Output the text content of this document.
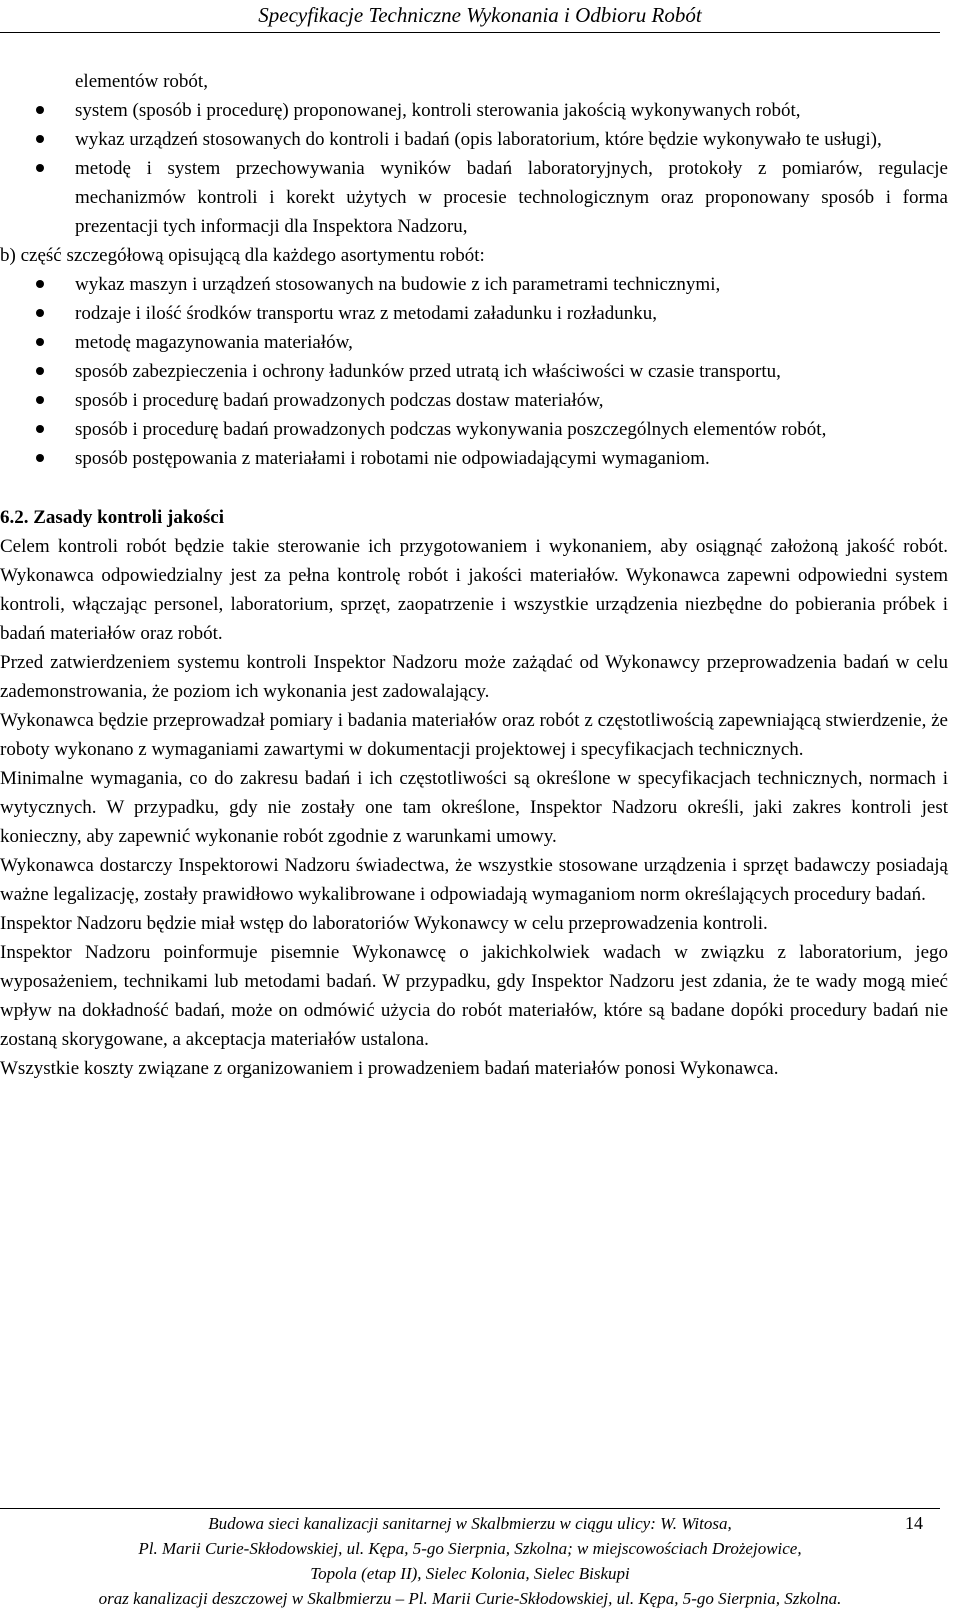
Specyfikacje Techniczne Wykonania i Odbioru Robót
elementów robót,
system (sposób i procedurę) proponowanej, kontroli sterowania jakością wykonywanych robót,
wykaz urządzeń stosowanych do kontroli i badań (opis laboratorium, które będzie wykonywało te usługi),
metodę i system przechowywania wyników badań laboratoryjnych, protokoły z pomiarów, regulacje mechanizmów kontroli i korekt użytych w procesie technologicznym oraz proponowany sposób i forma prezentacji tych informacji dla Inspektora Nadzoru,
b) część szczegółową opisującą dla każdego asortymentu robót:
wykaz maszyn i urządzeń stosowanych na budowie z ich parametrami technicznymi,
rodzaje i ilość środków transportu wraz z metodami załadunku i rozładunku,
metodę magazynowania materiałów,
sposób zabezpieczenia i ochrony ładunków przed utratą ich właściwości w czasie transportu,
sposób i procedurę badań prowadzonych podczas dostaw materiałów,
sposób i procedurę badań prowadzonych podczas wykonywania poszczególnych elementów robót,
sposób postępowania z materiałami i robotami nie odpowiadającymi wymaganiom.
6.2. Zasady kontroli jakości
Celem kontroli robót będzie takie sterowanie ich przygotowaniem i wykonaniem, aby osiągnąć założoną jakość robót. Wykonawca odpowiedzialny jest za pełna kontrolę robót i jakości materiałów. Wykonawca zapewni odpowiedni system kontroli, włączając personel, laboratorium, sprzęt, zaopatrzenie i wszystkie urządzenia niezbędne do pobierania próbek i badań materiałów oraz robót.
Przed zatwierdzeniem systemu kontroli Inspektor Nadzoru może zażądać od Wykonawcy przeprowadzenia badań w celu zademonstrowania, że poziom ich wykonania jest zadowalający.
Wykonawca będzie przeprowadzał pomiary i badania materiałów oraz robót z częstotliwością zapewniającą stwierdzenie, że roboty wykonano z wymaganiami zawartymi w dokumentacji projektowej i specyfikacjach technicznych.
Minimalne wymagania, co do zakresu badań i ich częstotliwości są określone w specyfikacjach technicznych, normach i wytycznych. W przypadku, gdy nie zostały one tam określone, Inspektor Nadzoru określi, jaki zakres kontroli jest konieczny, aby zapewnić wykonanie robót zgodnie z warunkami umowy.
Wykonawca dostarczy Inspektorowi Nadzoru świadectwa, że wszystkie stosowane urządzenia i sprzęt badawczy posiadają ważne legalizację, zostały prawidłowo wykalibrowane i odpowiadają wymaganiom norm określających procedury badań.
Inspektor Nadzoru będzie miał wstęp do laboratoriów Wykonawcy w celu przeprowadzenia kontroli.
Inspektor Nadzoru poinformuje pisemnie Wykonawcę o jakichkolwiek wadach w związku z laboratorium, jego wyposażeniem, technikami lub metodami badań. W przypadku, gdy Inspektor Nadzoru jest zdania, że te wady mogą mieć wpływ na dokładność badań, może on odmówić użycia do robót materiałów, które są badane dopóki procedury badań nie zostaną skorygowane, a akceptacja materiałów ustalona.
Wszystkie koszty związane z organizowaniem i prowadzeniem badań materiałów ponosi Wykonawca.
Budowa sieci kanalizacji sanitarnej w Skalbmierzu w ciągu ulicy: W. Witosa,
Pl. Marii Curie-Skłodowskiej, ul. Kępa, 5-go Sierpnia, Szkolna; w miejscowościach Drożejowice,
Topola (etap II), Sielec Kolonia, Sielec Biskupi
oraz kanalizacji deszczowej w Skalbmierzu – Pl. Marii Curie-Skłodowskiej, ul. Kępa, 5-go Sierpnia, Szkolna.
14
